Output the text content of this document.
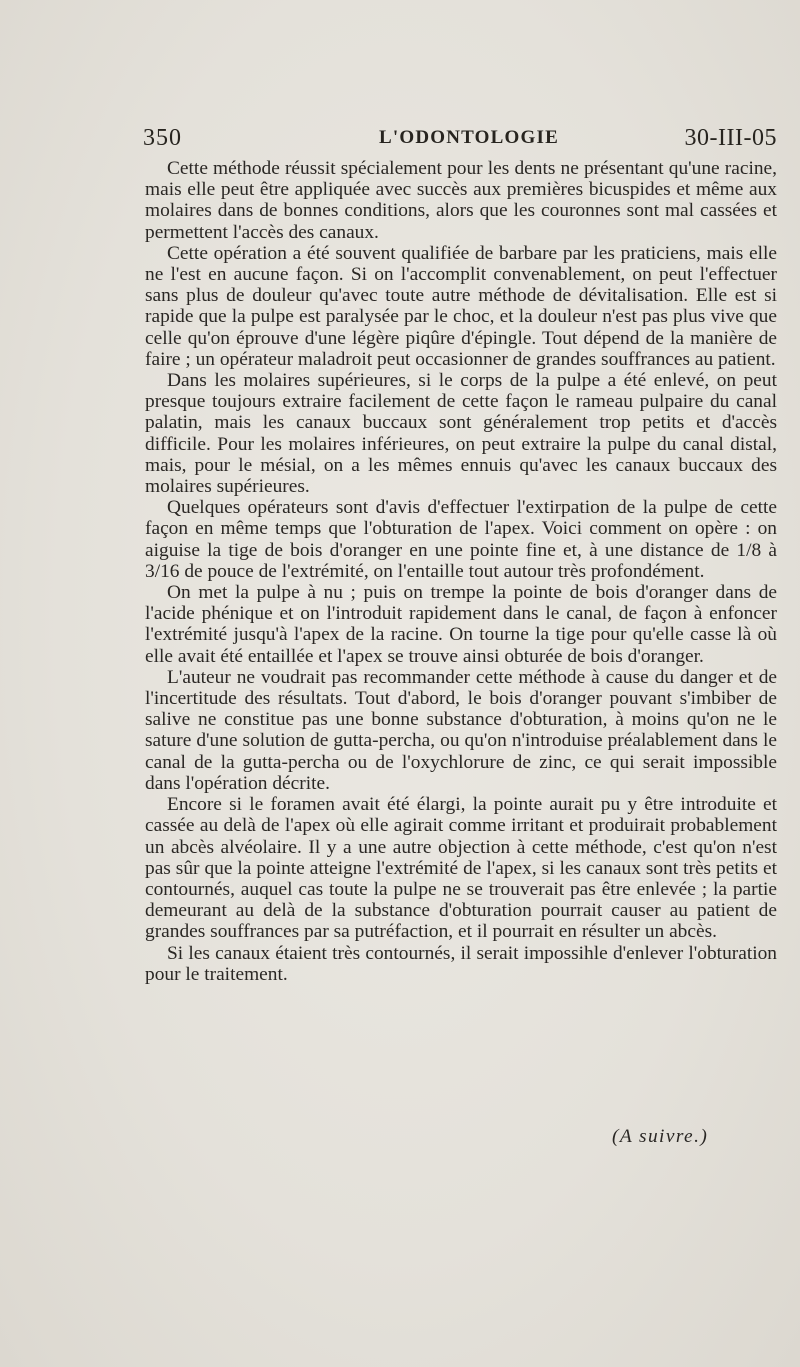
350	L'ODONTOLOGIE	30-III-05

Cette méthode réussit spécialement pour les dents ne présentant qu'une racine, mais elle peut être appliquée avec succès aux premières bicuspides et même aux molaires dans de bonnes conditions, alors que les couronnes sont mal cassées et permettent l'accès des canaux.

Cette opération a été souvent qualifiée de barbare par les praticiens, mais elle ne l'est en aucune façon. Si on l'accomplit convenablement, on peut l'effectuer sans plus de douleur qu'avec toute autre méthode de dévitalisation. Elle est si rapide que la pulpe est paralysée par le choc, et la douleur n'est pas plus vive que celle qu'on éprouve d'une légère piqûre d'épingle. Tout dépend de la manière de faire ; un opérateur maladroit peut occasionner de grandes souffrances au patient.

Dans les molaires supérieures, si le corps de la pulpe a été enlevé, on peut presque toujours extraire facilement de cette façon le rameau pulpaire du canal palatin, mais les canaux buccaux sont généralement trop petits et d'accès difficile. Pour les molaires inférieures, on peut extraire la pulpe du canal distal, mais, pour le mésial, on a les mêmes ennuis qu'avec les canaux buccaux des molaires supérieures.

Quelques opérateurs sont d'avis d'effectuer l'extirpation de la pulpe de cette façon en même temps que l'obturation de l'apex. Voici comment on opère : on aiguise la tige de bois d'oranger en une pointe fine et, à une distance de 1/8 à 3/16 de pouce de l'extrémité, on l'entaille tout autour très profondément.

On met la pulpe à nu ; puis on trempe la pointe de bois d'oranger dans de l'acide phénique et on l'introduit rapidement dans le canal, de façon à enfoncer l'extrémité jusqu'à l'apex de la racine. On tourne la tige pour qu'elle casse là où elle avait été entaillée et l'apex se trouve ainsi obturée de bois d'oranger.

L'auteur ne voudrait pas recommander cette méthode à cause du danger et de l'incertitude des résultats. Tout d'abord, le bois d'oranger pouvant s'imbiber de salive ne constitue pas une bonne substance d'obturation, à moins qu'on ne le sature d'une solution de gutta-percha, ou qu'on n'introduise préalablement dans le canal de la gutta-percha ou de l'oxychlorure de zinc, ce qui serait impossible dans l'opération décrite.

Encore si le foramen avait été élargi, la pointe aurait pu y être introduite et cassée au delà de l'apex où elle agirait comme irritant et produirait probablement un abcès alvéolaire. Il y a une autre objection à cette méthode, c'est qu'on n'est pas sûr que la pointe atteigne l'extrémité de l'apex, si les canaux sont très petits et contournés, auquel cas toute la pulpe ne se trouverait pas être enlevée ; la partie demeurant au delà de la substance d'obturation pourrait causer au patient de grandes souffrances par sa putréfaction, et il pourrait en résulter un abcès.

Si les canaux étaient très contournés, il serait impossihle d'enlever l'obturation pour le traitement.

(A suivre.)
